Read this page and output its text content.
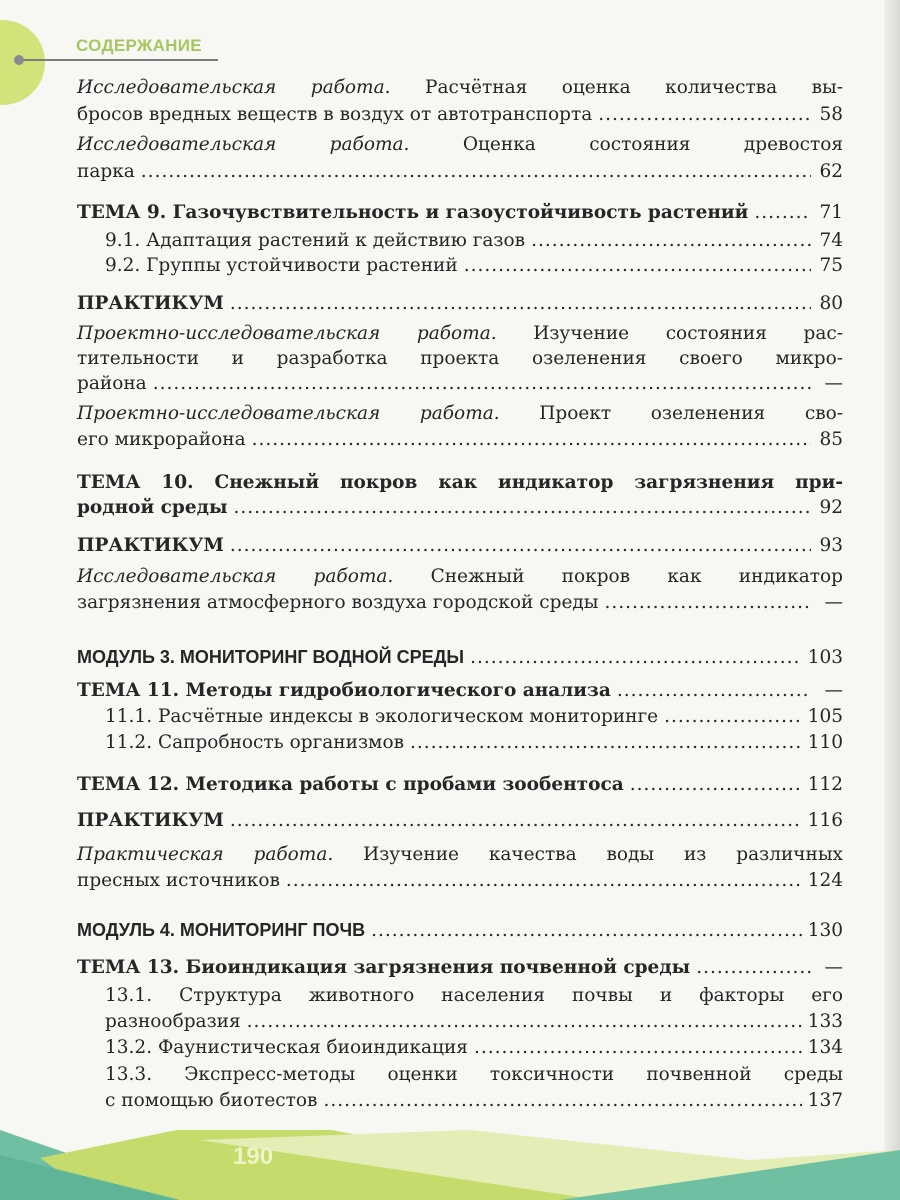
СОДЕРЖАНИЕ
Исследовательская работа. Расчётная оценка количества вы-
бросов вредных веществ в воздух от автотранспорта .....	58
Исследовательская работа. Оценка состояния древостоя
парка .....	62
ТЕМА 9. Газочувствительность и газоустойчивость растений .....	71
9.1. Адаптация растений к действию газов .....	74
9.2. Группы устойчивости растений .....	75
ПРАКТИКУМ .....	80
Проектно-исследовательская работа. Изучение состояния рас-
тительности и разработка проекта озеленения своего микро-
района .....	—
Проектно-исследовательская работа. Проект озеленения сво-
его микрорайона .....	85
ТЕМА 10. Снежный покров как индикатор загрязнения при-
родной среды .....	92
ПРАКТИКУМ .....	93
Исследовательская работа. Снежный покров как индикатор
загрязнения атмосферного воздуха городской среды .....	—
МОДУЛЬ 3. МОНИТОРИНГ ВОДНОЙ СРЕДЫ .....	103
ТЕМА 11. Методы гидробиологического анализа .....	—
11.1. Расчётные индексы в экологическом мониторинге .....	105
11.2. Сапробность организмов .....	110
ТЕМА 12. Методика работы с пробами зообентоса .....	112
ПРАКТИКУМ .....	116
Практическая работа. Изучение качества воды из различных
пресных источников .....	124
МОДУЛЬ 4. МОНИТОРИНГ ПОЧВ .....	130
ТЕМА 13. Биоиндикация загрязнения почвенной среды .....	—
13.1. Структура животного населения почвы и факторы его
разнообразия .....	133
13.2. Фаунистическая биоиндикация .....	134
13.3. Экспресс-методы оценки токсичности почвенной среды
с помощью биотестов .....	137
190
